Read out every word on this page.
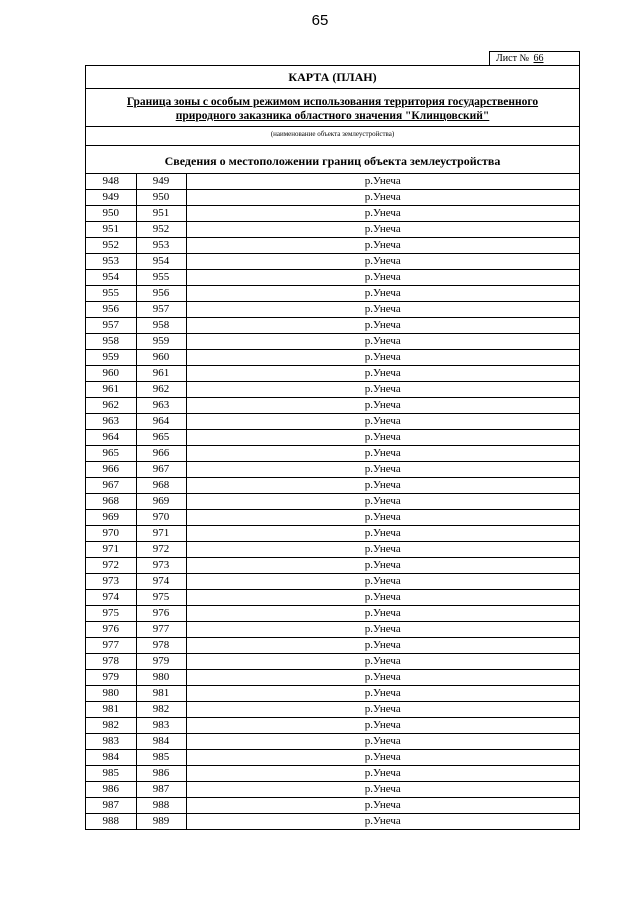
65
Лист № 66
КАРТА (ПЛАН)
Граница зоны с особым режимом использования территория государственного природного заказника областного значения "Клинцовский"
(наименование объекта землеустройства)
Сведения о местоположении границ объекта землеустройства
948	949	р.Унеча
949	950	р.Унеча
950	951	р.Унеча
951	952	р.Унеча
952	953	р.Унеча
953	954	р.Унеча
954	955	р.Унеча
955	956	р.Унеча
956	957	р.Унеча
957	958	р.Унеча
958	959	р.Унеча
959	960	р.Унеча
960	961	р.Унеча
961	962	р.Унеча
962	963	р.Унеча
963	964	р.Унеча
964	965	р.Унеча
965	966	р.Унеча
966	967	р.Унеча
967	968	р.Унеча
968	969	р.Унеча
969	970	р.Унеча
970	971	р.Унеча
971	972	р.Унеча
972	973	р.Унеча
973	974	р.Унеча
974	975	р.Унеча
975	976	р.Унеча
976	977	р.Унеча
977	978	р.Унеча
978	979	р.Унеча
979	980	р.Унеча
980	981	р.Унеча
981	982	р.Унеча
982	983	р.Унеча
983	984	р.Унеча
984	985	р.Унеча
985	986	р.Унеча
986	987	р.Унеча
987	988	р.Унеча
988	989	р.Унеча
